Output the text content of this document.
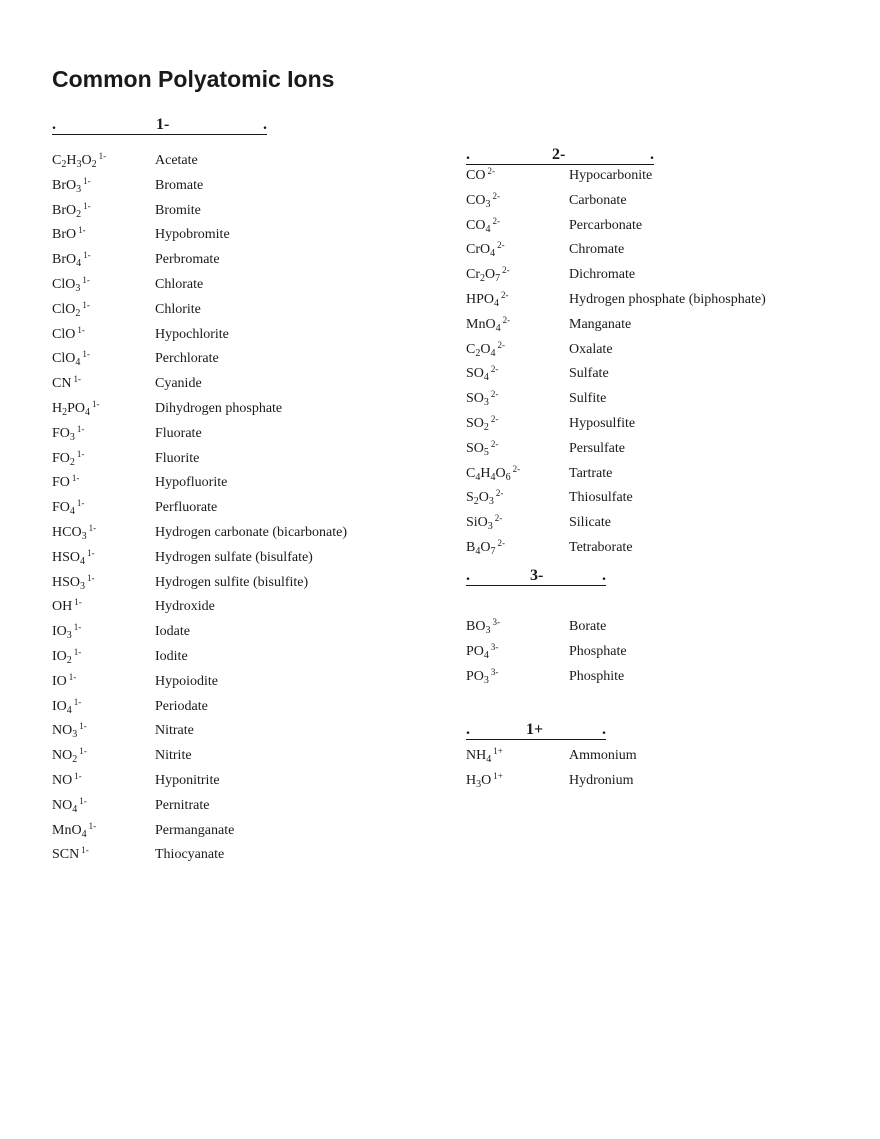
Common Polyatomic Ions
.	.
1-
$C_2H_3O_2^{1-}$	Acetate
BrO$_3^{1-}$	Bromate
BrO$_2^{1-}$	Bromite
BrO $^{1-}$	Hypobromite
BrO$_4^{1-}$	Perbromate
ClO$_3^{1-}$	Chlorate
ClO$_2^{1-}$	Chlorite
ClO $^{1-}$	Hypochlorite
ClO$_4^{1-}$	Perchlorate
CN $^{1-}$	Cyanide
$H_2PO_4^{1-}$	Dihydrogen phosphate
$FO_3^{1-}$	Fluorate
$FO_2^{1-}$	Fluorite
FO $^{1-}$	Hypofluorite
$FO_4^{1-}$	Perfluorate
$HCO_3^{1-}$	Hydrogen carbonate (bicarbonate)
$HSO_4^{1-}$	Hydrogen sulfate (bisulfate)
$HSO_3^{1-}$	Hydrogen sulfite (bisulfite)
OH $^{1-}$	Hydroxide
$IO_3^{1-}$	Iodate
$IO_2^{1-}$	Iodite
IO $^{1-}$	Hypoiodite
$IO_4^{1-}$	Periodate
$NO_3^{1-}$	Nitrate
$NO_2^{1-}$	Nitrite
NO $^{1-}$	Hyponitrite
$NO_4^{1-}$	Pernitrate
MnO$_4^{1-}$	Permanganate
SCN $^{1-}$	Thiocyanate
.	.
2-
CO $^{2-}$	Hypocarbonite
$CO_3^{2-}$	Carbonate
$CO_4^{2-}$	Percarbonate
CrO$_4^{2-}$	Chromate
$Cr_2O_7^{2-}$	Dichromate
$HPO_4^{2-}$	Hydrogen phosphate (biphosphate)
MnO$_4^{2-}$	Manganate
$C_2O_4^{2-}$	Oxalate
$SO_4^{2-}$	Sulfate
$SO_3^{2-}$	Sulfite
$SO_2^{2-}$	Hyposulfite
$SO_5^{2-}$	Persulfate
$C_4H_4O_6^{2-}$	Tartrate
$S_2O_3^{2-}$	Thiosulfate
SiO$_3^{2-}$	Silicate
$B_4O_7^{2-}$	Tetraborate
.	.
3-
$BO_3^{3-}$	Borate
$PO_4^{3-}$	Phosphate
$PO_3^{3-}$	Phosphite
.	.
1+
$NH_4^{1+}$	Ammonium
$H_3O$ $^{1+}$	Hydronium
